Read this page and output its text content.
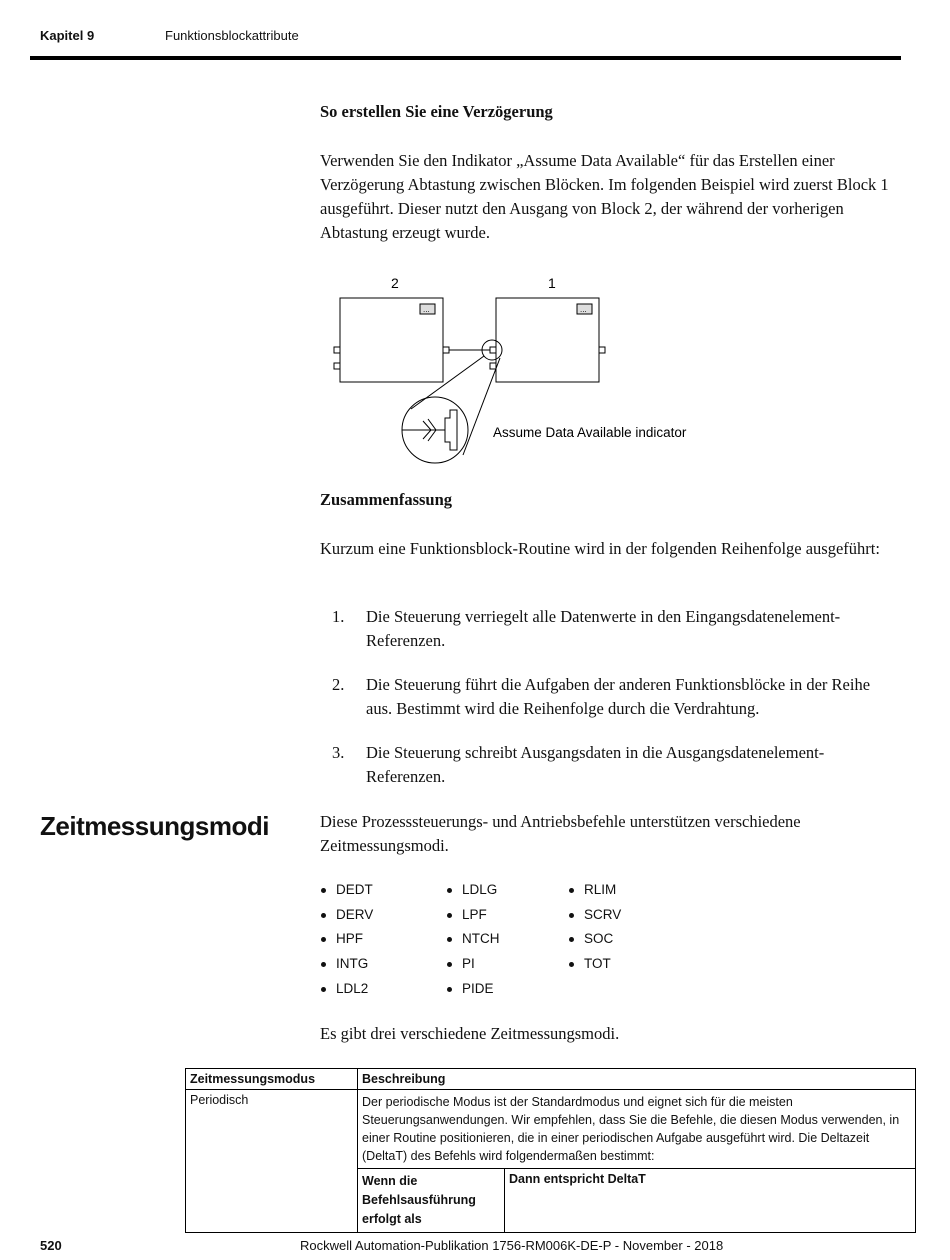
Kapitel 9	Funktionsblockattribute
So erstellen Sie eine Verzögerung
Verwenden Sie den Indikator „Assume Data Available“ für das Erstellen einer Verzögerung Abtastung zwischen Blöcken. Im folgenden Beispiel wird zuerst Block 1 ausgeführt. Dieser nutzt den Ausgang von Block 2, der während der vorherigen Abtastung erzeugt wurde.
2	1
...	...
Assume Data Available indicator
Zusammenfassung
Kurzum eine Funktionsblock-Routine wird in der folgenden Reihenfolge ausgeführt:
1. Die Steuerung verriegelt alle Datenwerte in den Eingangsdatenelement-Referenzen.
2. Die Steuerung führt die Aufgaben der anderen Funktionsblöcke in der Reihe aus. Bestimmt wird die Reihenfolge durch die Verdrahtung.
3. Die Steuerung schreibt Ausgangsdaten in die Ausgangsdatenelement-Referenzen.
Zeitmessungsmodi	Diese Prozesssteuerungs- und Antriebsbefehle unterstützen verschiedene Zeitmessungsmodi.
DEDT
DERV
HPF
INTG
LDL2
LDLG
LPF
NTCH
PI
PIDE
RLIM
SCRV
SOC
TOT
Es gibt drei verschiedene Zeitmessungsmodi.
Zeitmessungsmodus	Beschreibung
Periodisch	Der periodische Modus ist der Standardmodus und eignet sich für die meisten Steuerungsanwendungen. Wir empfehlen, dass Sie die Befehle, die diesen Modus verwenden, in einer Routine positionieren, die in einer periodischen Aufgabe ausgeführt wird. Die Deltazeit (DeltaT) des Befehls wird folgendermaßen bestimmt:

Wenn die Befehlsausführung erfolgt als	Dann entspricht DeltaT
520	Rockwell Automation-Publikation 1756-RM006K-DE-P - November - 2018
